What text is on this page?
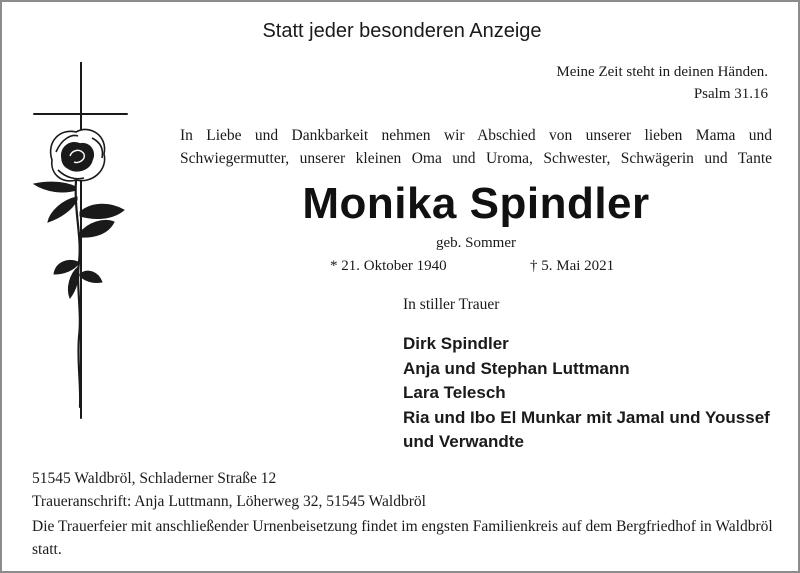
Statt jeder besonderen Anzeige
Meine Zeit steht in deinen Händen.
Psalm 31.16
In Liebe und Dankbarkeit nehmen wir Abschied von unserer lieben Mama und
Schwiegermutter, unserer kleinen Oma und Uroma, Schwester, Schwägerin und Tante
Monika Spindler
geb. Sommer
* 21. Oktober 1940	† 5. Mai 2021
In stiller Trauer
Dirk Spindler
Anja und Stephan Luttmann
Lara Telesch
Ria und Ibo El Munkar mit Jamal und Youssef
und Verwandte
51545 Waldbröl, Schladerner Straße 12
Traueranschrift: Anja Luttmann, Löherweg 32, 51545 Waldbröl
Die Trauerfeier mit anschließender Urnenbeisetzung findet im engsten Familienkreis auf dem Bergfriedhof in Waldbröl statt.
